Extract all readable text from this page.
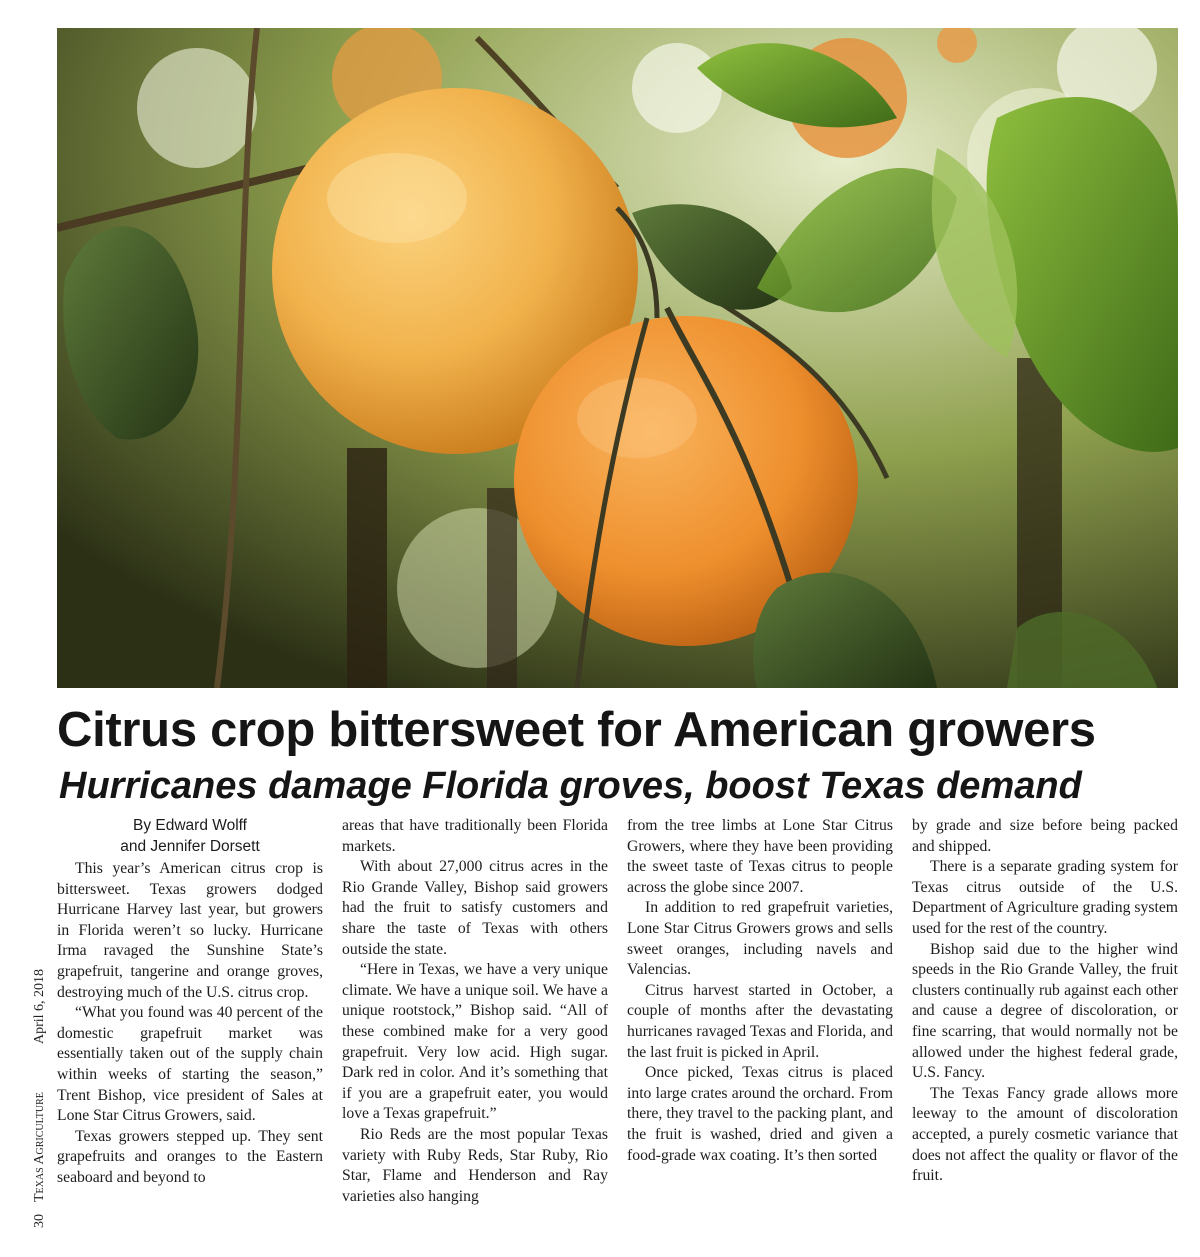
Citrus crop bittersweet for American growers
Hurricanes damage Florida groves, boost Texas demand
By Edward Wolff
and Jennifer Dorsett

This year’s American citrus crop is bittersweet. Texas growers dodged Hurricane Harvey last year, but growers in Florida weren’t so lucky. Hurricane Irma ravaged the Sunshine State’s grapefruit, tangerine and orange groves, destroying much of the U.S. citrus crop.

“What you found was 40 percent of the domestic grapefruit market was essentially taken out of the supply chain within weeks of starting the season,” Trent Bishop, vice president of Sales at Lone Star Citrus Growers, said.

Texas growers stepped up. They sent grapefruits and oranges to the Eastern seaboard and beyond to

areas that have traditionally been Florida markets.

With about 27,000 citrus acres in the Rio Grande Valley, Bishop said growers had the fruit to satisfy customers and share the taste of Texas with others outside the state.

“Here in Texas, we have a very unique climate. We have a unique soil. We have a unique rootstock,” Bishop said. “All of these combined make for a very good grapefruit. Very low acid. High sugar. Dark red in color. And it’s something that if you are a grapefruit eater, you would love a Texas grapefruit.”

Rio Reds are the most popular Texas variety with Ruby Reds, Star Ruby, Rio Star, Flame and Henderson and Ray varieties also hanging

from the tree limbs at Lone Star Citrus Growers, where they have been providing the sweet taste of Texas citrus to people across the globe since 2007.

In addition to red grapefruit varieties, Lone Star Citrus Growers grows and sells sweet oranges, including navels and Valencias.

Citrus harvest started in October, a couple of months after the devastating hurricanes ravaged Texas and Florida, and the last fruit is picked in April.

Once picked, Texas citrus is placed into large crates around the orchard. From there, they travel to the packing plant, and the fruit is washed, dried and given a food-grade wax coating. It’s then sorted

by grade and size before being packed and shipped.

There is a separate grading system for Texas citrus outside of the U.S. Department of Agriculture grading system used for the rest of the country.

Bishop said due to the higher wind speeds in the Rio Grande Valley, the fruit clusters continually rub against each other and cause a degree of discoloration, or fine scarring, that would normally not be allowed under the highest federal grade, U.S. Fancy.

The Texas Fancy grade allows more leeway to the amount of discoloration accepted, a purely cosmetic variance that does not affect the quality or flavor of the fruit.

30Texas AgricultureApril 6, 2018
